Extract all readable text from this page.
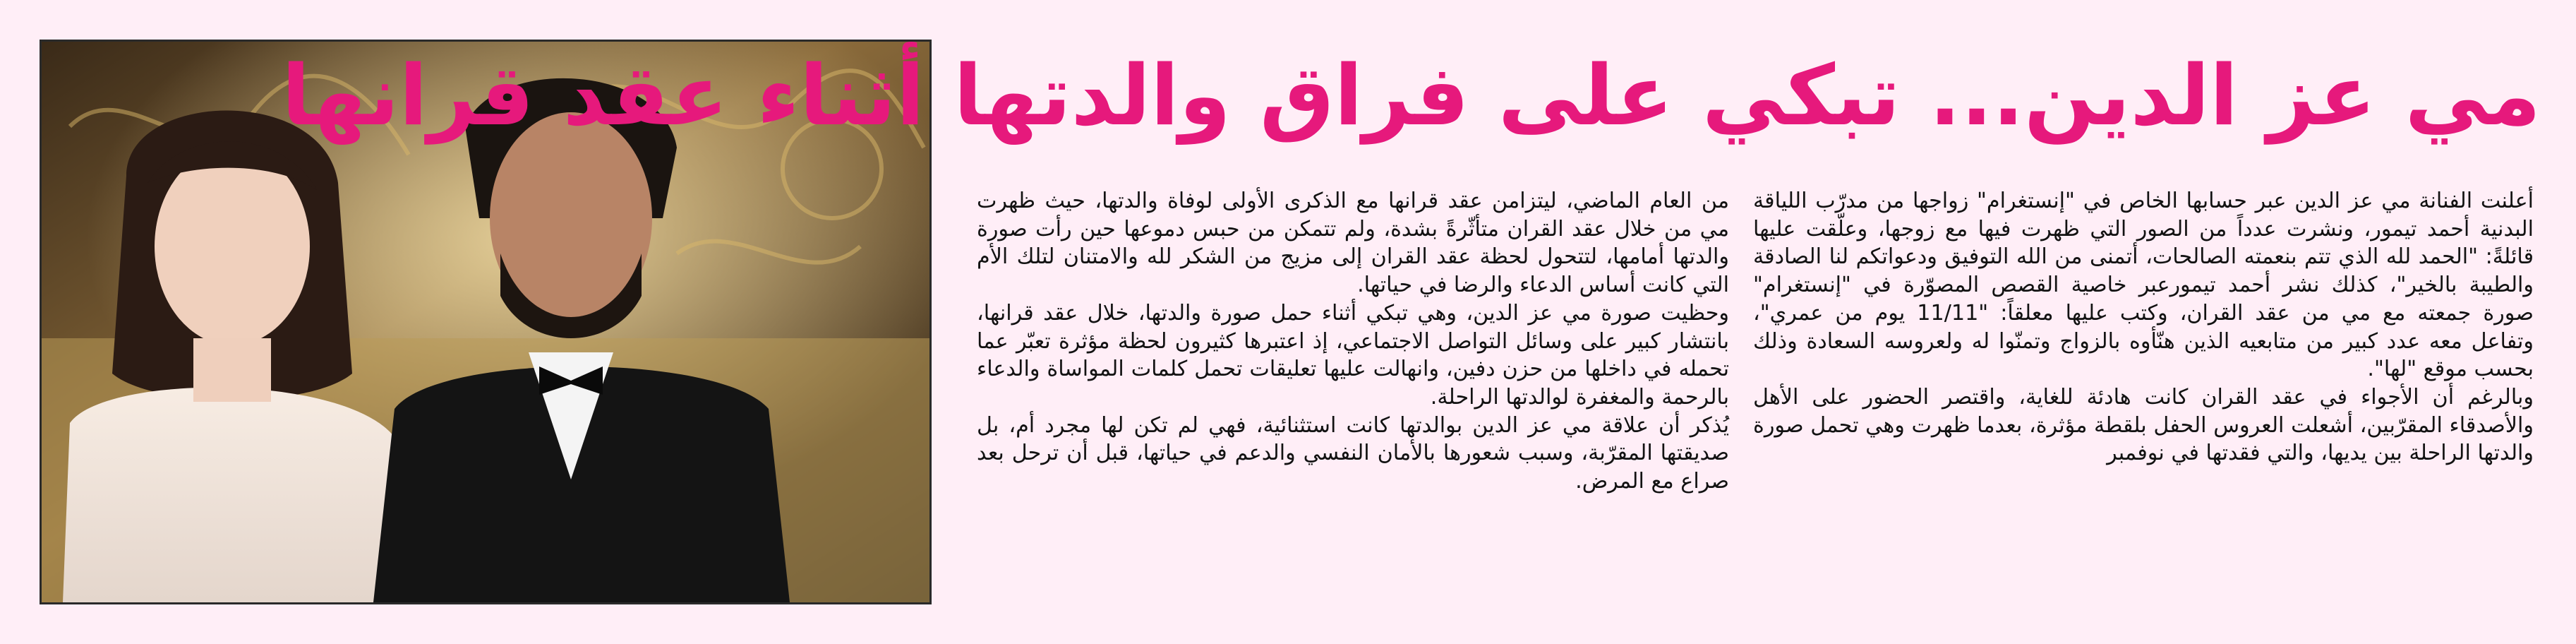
مي عز الدين... تبكي على فراق والدتها أثناء عقد قرانها

أعلنت الفنانة مي عز الدين عبر حسابها الخاص في "إنستغرام" زواجها من مدرّب اللياقة البدنية أحمد تيمور، ونشرت عدداً من الصور التي ظهرت فيها مع زوجها، وعلّقت عليها قائلةً: "الحمد لله الذي تتم بنعمته الصالحات، أتمنى من الله التوفيق ودعواتكم لنا الصادقة والطيبة بالخير"، كذلك نشر أحمد تيمورعبر خاصية القصص المصوّرة في "إنستغرام" صورة جمعته مع مي من عقد القران، وكتب عليها معلقاً: "11/11 يوم من عمري"، وتفاعل معه عدد كبير من متابعيه الذين هنّأوه بالزواج وتمنّوا له ولعروسه السعادة وذلك بحسب موقع "لها".

وبالرغم أن الأجواء في عقد القران كانت هادئة للغاية، واقتصر الحضور على الأهل والأصدقاء المقرّبين، أشعلت العروس الحفل بلقطة مؤثرة، بعدما ظهرت وهي تحمل صورة والدتها الراحلة بين يديها، والتي فقدتها في نوفمبر

من العام الماضي، ليتزامن عقد قرانها مع الذكرى الأولى لوفاة والدتها، حيث ظهرت مي من خلال عقد القران متأثّرةً بشدة، ولم تتمكن من حبس دموعها حين رأت صورة والدتها أمامها، لتتحول لحظة عقد القران إلى مزيج من الشكر لله والامتنان لتلك الأم التي كانت أساس الدعاء والرضا في حياتها.

وحظيت صورة مي عز الدين، وهي تبكي أثناء حمل صورة والدتها، خلال عقد قرانها، بانتشار كبير على وسائل التواصل الاجتماعي، إذ اعتبرها كثيرون لحظة مؤثرة تعبّر عما تحمله في داخلها من حزن دفين، وانهالت عليها تعليقات تحمل كلمات المواساة والدعاء بالرحمة والمغفرة لوالدتها الراحلة.

يُذكر أن علاقة مي عز الدين بوالدتها كانت استثنائية، فهي لم تكن لها مجرد أم، بل صديقتها المقرّبة، وسبب شعورها بالأمان النفسي والدعم في حياتها، قبل أن ترحل بعد صراع مع المرض.
